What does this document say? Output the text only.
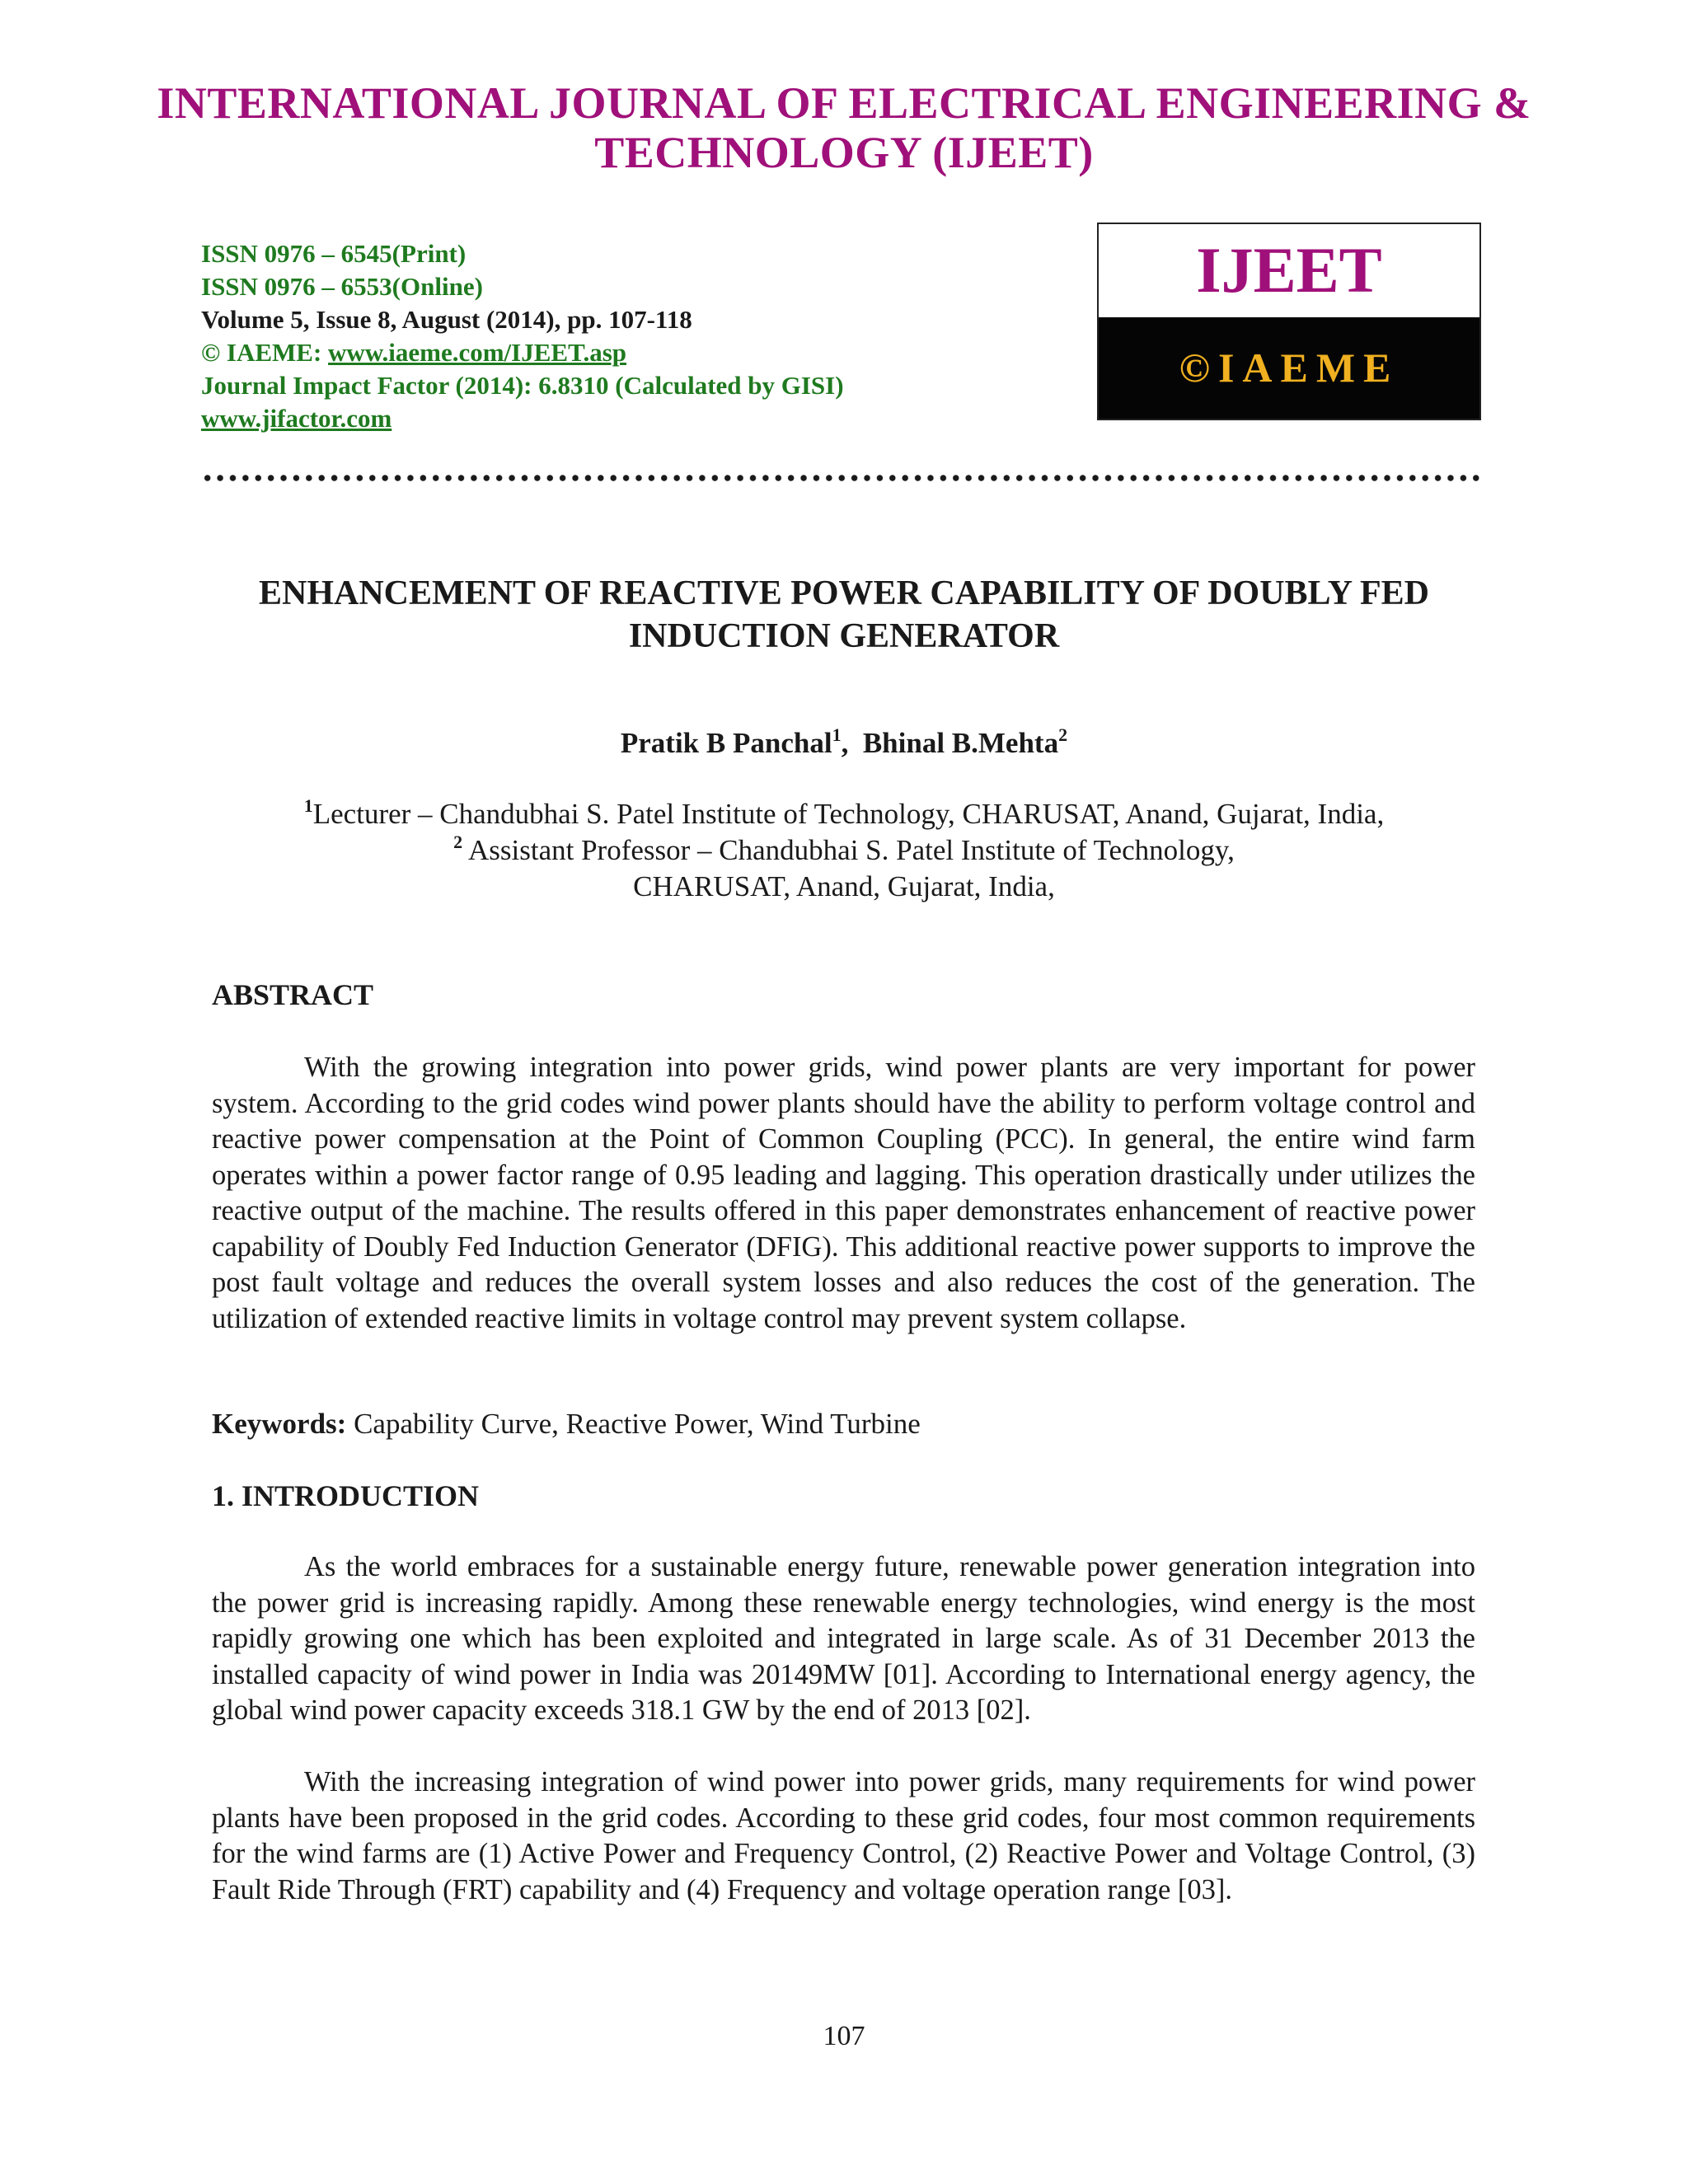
INTERNATIONAL JOURNAL OF ELECTRICAL ENGINEERING &
TECHNOLOGY (IJEET)
ISSN 0976 – 6545(Print)
ISSN 0976 – 6553(Online)
Volume 5, Issue 8, August (2014), pp. 107-118
© IAEME: www.iaeme.com/IJEET.asp
Journal Impact Factor (2014): 6.8310 (Calculated by GISI)
www.jifactor.com
IJEET
©IAEME
ENHANCEMENT OF REACTIVE POWER CAPABILITY OF DOUBLY FED
INDUCTION GENERATOR
Pratik B Panchal$^1$,  Bhinal B.Mehta$^2$
$^1$Lecturer – Chandubhai S. Patel Institute of Technology, CHARUSAT, Anand, Gujarat, India,
$^2$ Assistant Professor – Chandubhai S. Patel Institute of Technology,
CHARUSAT, Anand, Gujarat, India,
ABSTRACT
With the growing integration into power grids, wind power plants are very important for power system. According to the grid codes wind power plants should have the ability to perform voltage control and reactive power compensation at the Point of Common Coupling (PCC). In general, the entire wind farm operates within a power factor range of 0.95 leading and lagging. This operation drastically under utilizes the reactive output of the machine. The results offered in this paper demonstrates enhancement of reactive power capability of Doubly Fed Induction Generator (DFIG). This additional reactive power supports to improve the post fault voltage and reduces the overall system losses and also reduces the cost of the generation. The utilization of extended reactive limits in voltage control may prevent system collapse.
Keywords: Capability Curve, Reactive Power, Wind Turbine
1. INTRODUCTION
As the world embraces for a sustainable energy future, renewable power generation integration into the power grid is increasing rapidly. Among these renewable energy technologies, wind energy is the most rapidly growing one which has been exploited and integrated in large scale. As of 31 December 2013 the installed capacity of wind power in India was 20149MW [01]. According to International energy agency, the global wind power capacity exceeds 318.1 GW by the end of 2013 [02].
With the increasing integration of wind power into power grids, many requirements for wind power plants have been proposed in the grid codes. According to these grid codes, four most common requirements for the wind farms are (1) Active Power and Frequency Control, (2) Reactive Power and Voltage Control, (3) Fault Ride Through (FRT) capability and (4) Frequency and voltage operation range [03].
107
